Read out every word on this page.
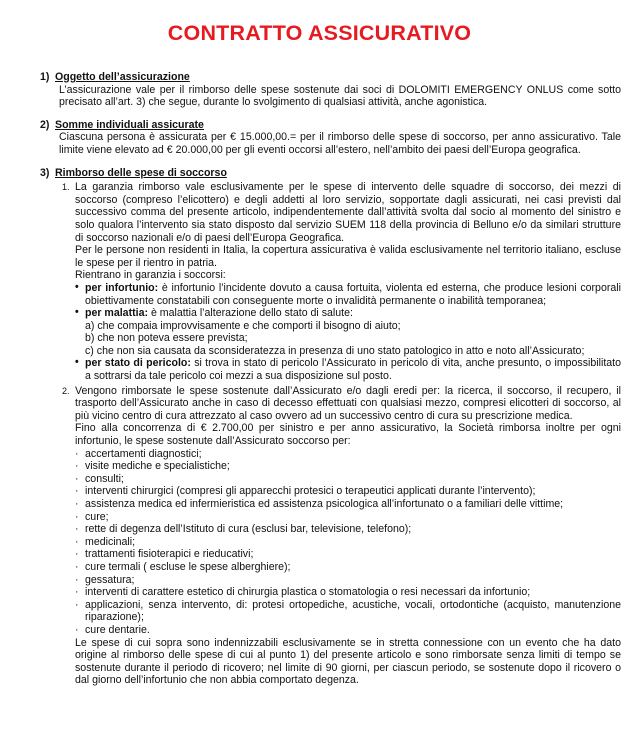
CONTRATTO ASSICURATIVO
1) Oggetto dell’assicurazione
L’assicurazione vale per il rimborso delle spese sostenute dai soci di DOLOMITI EMERGENCY ONLUS come sotto precisato all’art. 3) che segue, durante lo svolgimento di qualsiasi attività, anche agonistica.
2) Somme individuali assicurate
Ciascuna persona è assicurata per € 15.000,00.= per il rimborso delle spese di soccorso, per anno assicurativo. Tale limite viene elevato ad € 20.000,00 per gli eventi occorsi all’estero, nell’ambito dei paesi dell’Europa geografica.
3) Rimborso delle spese di soccorso
1. La garanzia rimborso vale esclusivamente per le spese di intervento delle squadre di soccorso, dei mezzi di soccorso (compreso l’elicottero) e degli addetti al loro servizio, sopportate dagli assicurati, nei casi previsti dal successivo comma del presente articolo, indipendentemente dall’attività svolta dal socio al momento del sinistro e solo qualora l’intervento sia stato disposto dal servizio SUEM 118 della provincia di Belluno e/o da similari strutture di soccorso nazionali e/o di paesi dell’Europa Geografica.

Per le persone non residenti in Italia, la copertura assicurativa è valida esclusivamente nel territorio italiano, escluse le spese per il rientro in patria.

Rientrano in garanzia i soccorsi:

• per infortunio: è infortunio l’incidente dovuto a causa fortuita, violenta ed esterna, che produce lesioni corporali obiettivamente constatabili con conseguente morte o invalidità permanente o inabilità temporanea;
• per malattia: è malattia l’alterazione dello stato di salute:
a) che compaia improvvisamente e che comporti il bisogno di aiuto;
b) che non poteva essere prevista;
c) che non sia causata da sconsideratezza in presenza di uno stato patologico in atto e noto all’Assicurato;
• per stato di pericolo: si trova in stato di pericolo l’Assicurato in pericolo di vita, anche presunto, o impossibilitato a sottrarsi da tale pericolo coi mezzi a sua disposizione sul posto.
2. Vengono rimborsate le spese sostenute dall’Assicurato e/o dagli eredi per: la ricerca, il soccorso, il recupero, il trasporto dell’Assicurato anche in caso di decesso effettuati con qualsiasi mezzo, compresi elicotteri di soccorso, al più vicino centro di cura attrezzato al caso ovvero ad un successivo centro di cura su prescrizione medica.

Fino alla concorrenza di € 2.700,00 per sinistro e per anno assicurativo, la Società rimborsa inoltre per ogni infortunio, le spese sostenute dall’Assicurato soccorso per:

· accertamenti diagnostici;
· visite mediche e specialistiche;
· consulti;
· interventi chirurgici (compresi gli apparecchi protesici o terapeutici applicati durante l’intervento);
· assistenza medica ed infermieristica ed assistenza psicologica all’infortunato o a familiari delle vittime;
· cure;
· rette di degenza dell’Istituto di cura (esclusi bar, televisione, telefono);
· medicinali;
· trattamenti fisioterapici e rieducativi;
· cure termali ( escluse le spese alberghiere);
· gessatura;
· interventi di carattere estetico di chirurgia plastica o stomatologia o resi necessari da infortunio;
· applicazioni, senza intervento, di: protesi ortopediche, acustiche, vocali, ortodontiche (acquisto, manutenzione riparazione);
· cure dentarie.

Le spese di cui sopra sono indennizzabili esclusivamente se in stretta connessione con un evento che ha dato origine al rimborso delle spese di cui al punto 1) del presente articolo e sono rimborsate senza limiti di tempo se sostenute durante il periodo di ricovero; nel limite di 90 giorni, per ciascun periodo, se sostenute dopo il ricovero o dal giorno dell’infortunio che non abbia comportato degenza.
